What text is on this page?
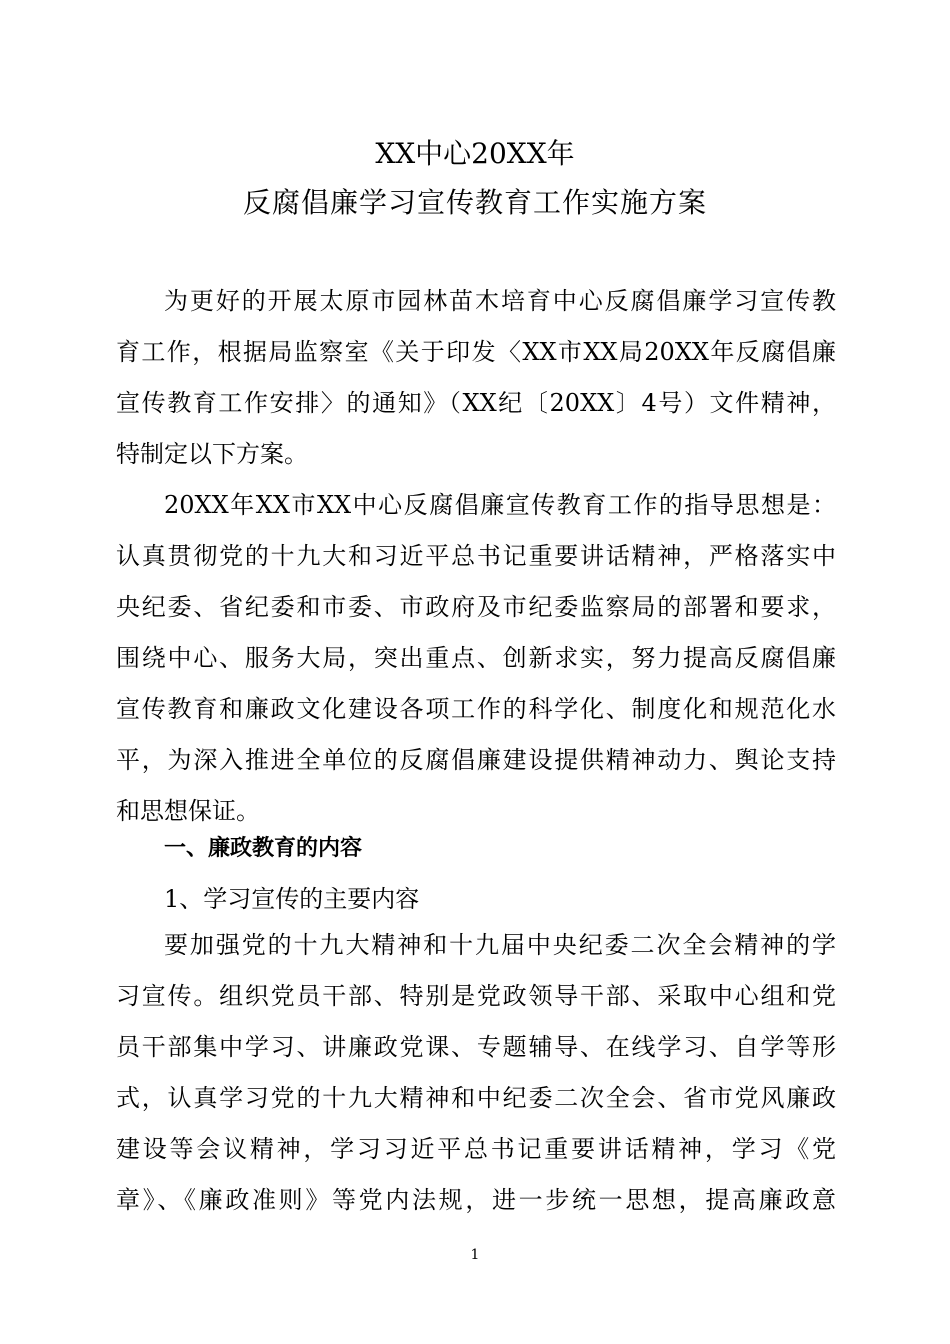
XX中心20XX年
反腐倡廉学习宣传教育工作实施方案
为更好的开展太原市园林苗木培育中心反腐倡廉学习宣传教
育工作，根据局监察室《关于印发〈XX市XX局20XX年反腐倡廉
宣传教育工作安排〉的通知》（XX纪〔20XX〕4号）文件精神，
特制定以下方案。
20XX年XX市XX中心反腐倡廉宣传教育工作的指导思想是：
认真贯彻党的十九大和习近平总书记重要讲话精神，严格落实中
央纪委、省纪委和市委、市政府及市纪委监察局的部署和要求，
围绕中心、服务大局，突出重点、创新求实，努力提高反腐倡廉
宣传教育和廉政文化建设各项工作的科学化、制度化和规范化水
平，为深入推进全单位的反腐倡廉建设提供精神动力、舆论支持
和思想保证。
一、廉政教育的内容
1、学习宣传的主要内容
要加强党的十九大精神和十九届中央纪委二次全会精神的学
习宣传。组织党员干部、特别是党政领导干部、采取中心组和党
员干部集中学习、讲廉政党课、专题辅导、在线学习、自学等形
式，认真学习党的十九大精神和中纪委二次全会、省市党风廉政
建设等会议精神，学习习近平总书记重要讲话精神，学习《党
章》、《廉政准则》等党内法规，进一步统一思想，提高廉政意
1
